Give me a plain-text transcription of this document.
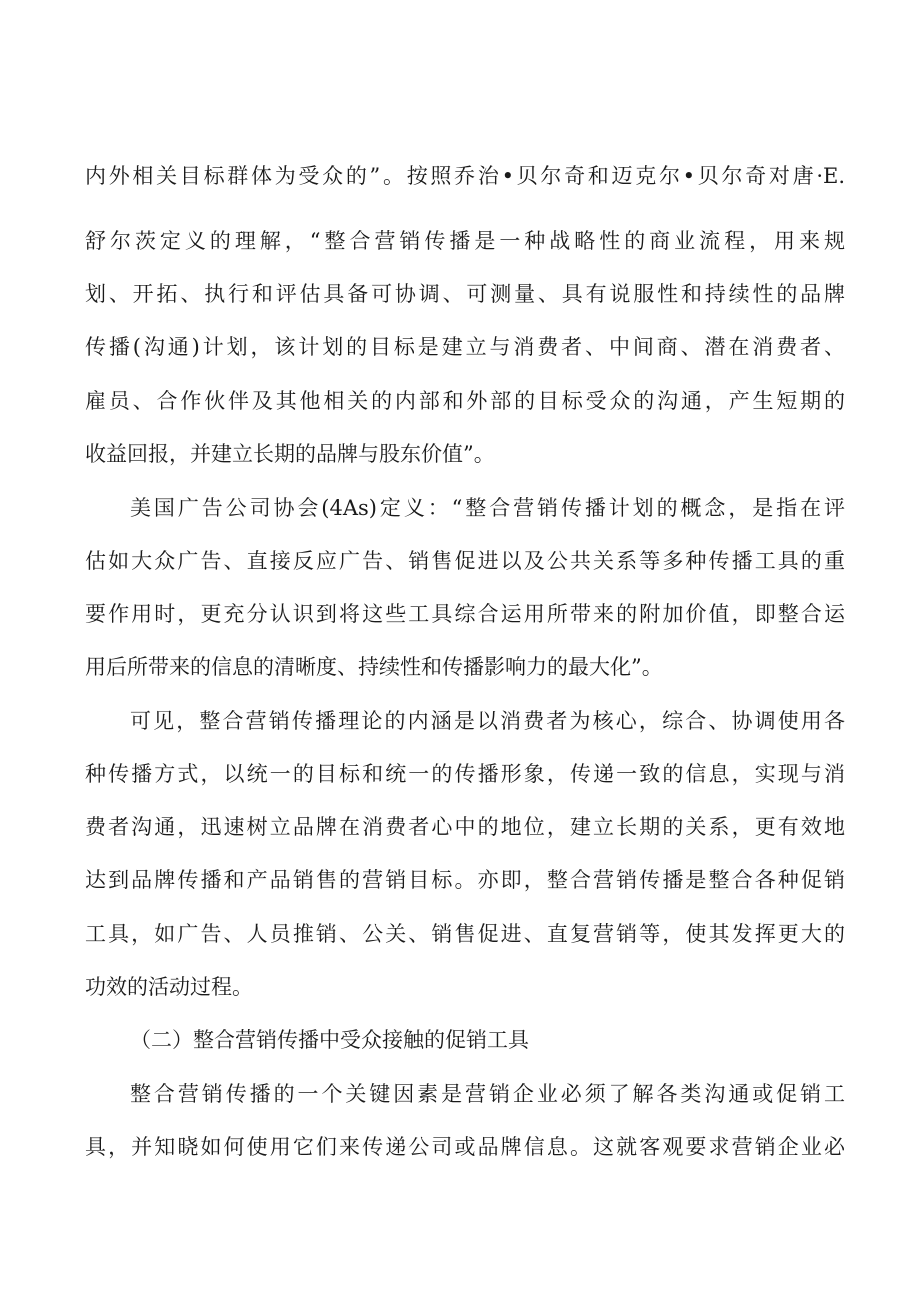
内外相关目标群体为受众的”。按照乔治•贝尔奇和迈克尔•贝尔奇对唐·E.
舒尔茨定义的理解，“整合营销传播是一种战略性的商业流程，用来规
划、开拓、执行和评估具备可协调、可测量、具有说服性和持续性的品牌
传播(沟通)计划，该计划的目标是建立与消费者、中间商、潜在消费者、
雇员、合作伙伴及其他相关的内部和外部的目标受众的沟通，产生短期的
收益回报，并建立长期的品牌与股东价值”。
美国广告公司协会(4As)定义：“整合营销传播计划的概念，是指在评
估如大众广告、直接反应广告、销售促进以及公共关系等多种传播工具的重
要作用时，更充分认识到将这些工具综合运用所带来的附加价值，即整合运
用后所带来的信息的清晰度、持续性和传播影响力的最大化”。
可见，整合营销传播理论的内涵是以消费者为核心，综合、协调使用各
种传播方式，以统一的目标和统一的传播形象，传递一致的信息，实现与消
费者沟通，迅速树立品牌在消费者心中的地位，建立长期的关系，更有效地
达到品牌传播和产品销售的营销目标。亦即，整合营销传播是整合各种促销
工具，如广告、人员推销、公关、销售促进、直复营销等，使其发挥更大的
功效的活动过程。
（二）整合营销传播中受众接触的促销工具
整合营销传播的一个关键因素是营销企业必须了解各类沟通或促销工
具，并知晓如何使用它们来传递公司或品牌信息。这就客观要求营销企业必
